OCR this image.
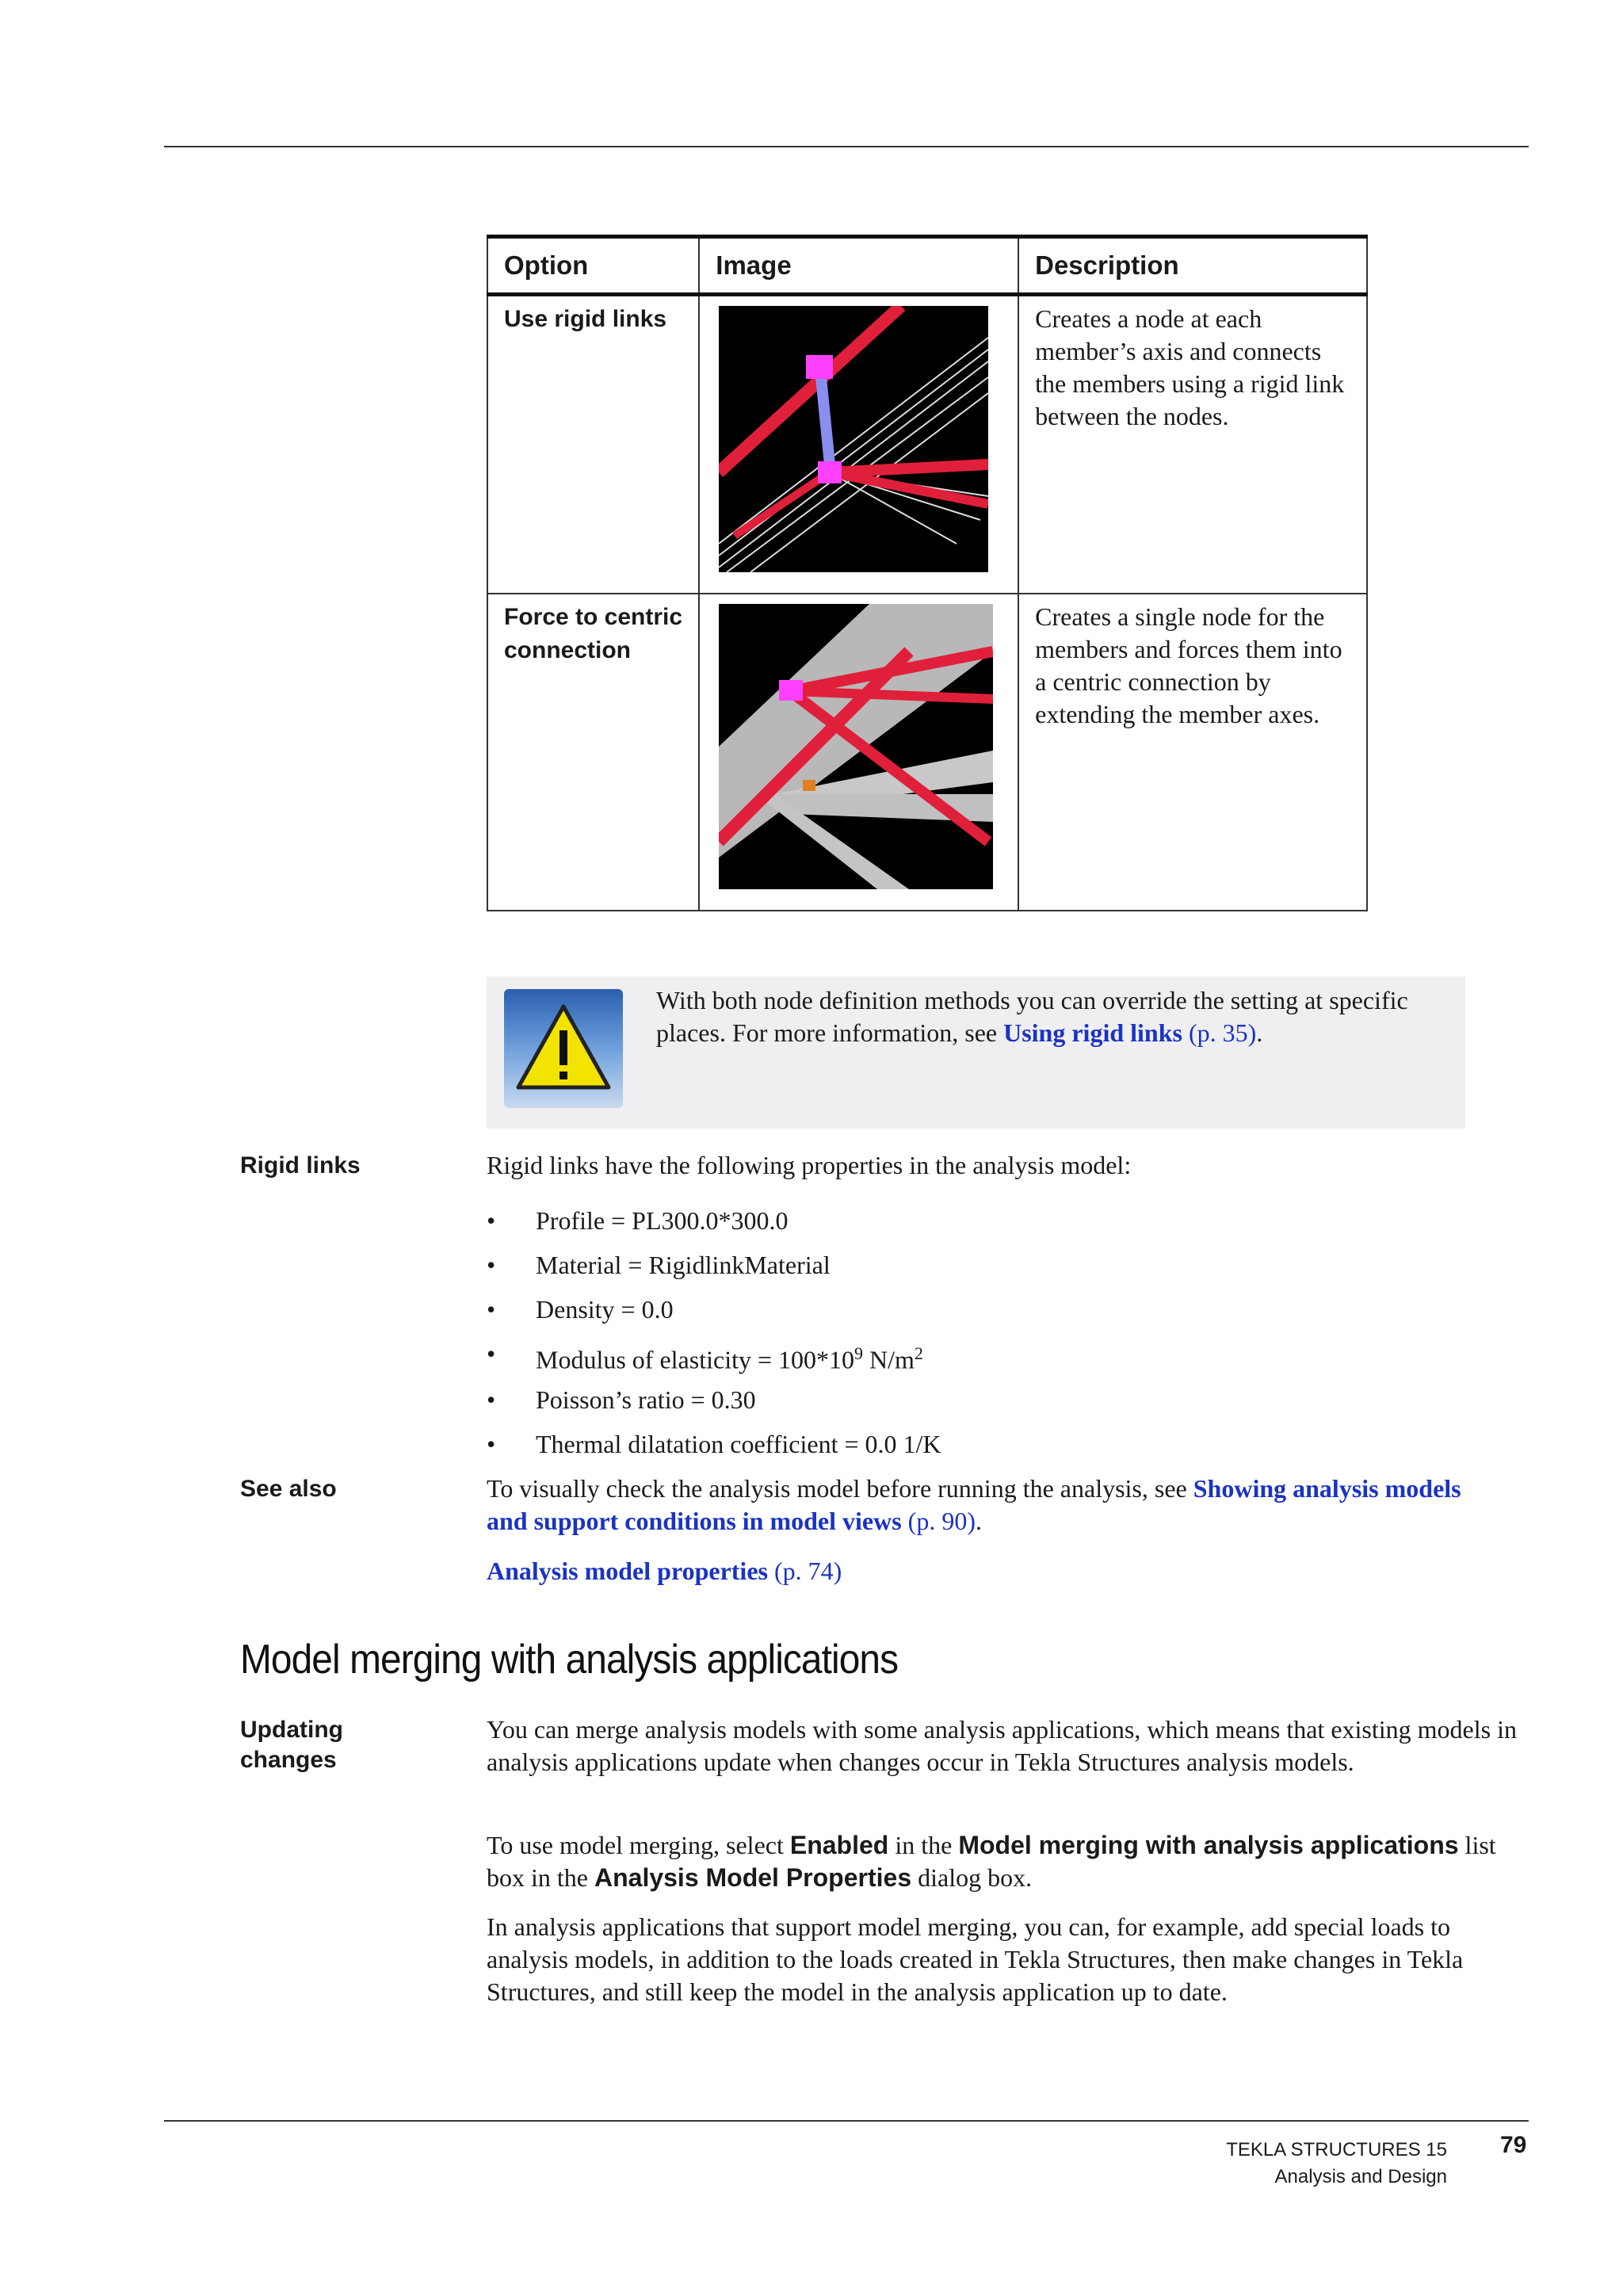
Option	Image	Description
Use rigid links		Creates a node at each member’s axis and connects the members using a rigid link between the nodes.
Force to centric connection		Creates a single node for the members and forces them into a centric connection by extending the member axes.
With both node definition methods you can override the setting at specific places. For more information, see Using rigid links (p. 35).
Rigid links	Rigid links have the following properties in the analysis model:
• Profile = PL300.0*300.0
• Material = RigidlinkMaterial
• Density = 0.0
• Modulus of elasticity = $100*10^9$ $N/m^2$
• Poisson’s ratio = 0.30
• Thermal dilatation coefficient = 0.0 1/K
See also	To visually check the analysis model before running the analysis, see Showing analysis models and support conditions in model views (p. 90).
Analysis model properties (p. 74)
Model merging with analysis applications
Updating
changes
You can merge analysis models with some analysis applications, which means that existing models in analysis applications update when changes occur in Tekla Structures analysis models.
To use model merging, select Enabled in the Model merging with analysis applications list box in the Analysis Model Properties dialog box.
In analysis applications that support model merging, you can, for example, add special loads to analysis models, in addition to the loads created in Tekla Structures, then make changes in Tekla Structures, and still keep the model in the analysis application up to date.
TEKLA STRUCTURES 15
Analysis and Design
79
